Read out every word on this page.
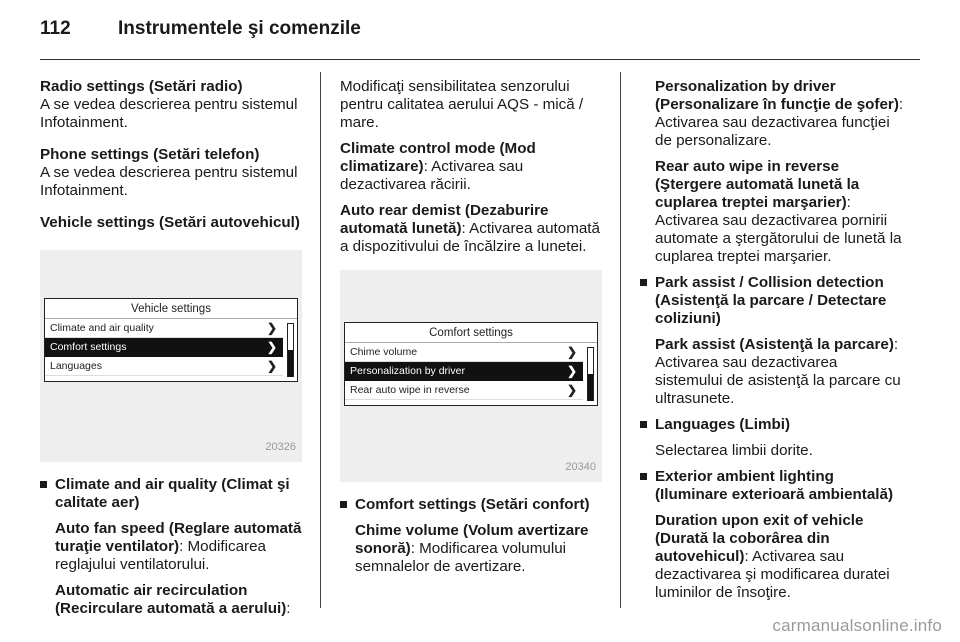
112 Instrumentele şi comenzile
Radio settings (Setări radio)
A se vedea descrierea pentru sistemul Infotainment.
Phone settings (Setări telefon)
A se vedea descrierea pentru sistemul Infotainment.
Vehicle settings (Setări autovehicul)
Vehicle settings
Climate and air quality	❯
Comfort settings	❯
Languages	❯
20326
Climate and air quality (Climat şi calitate aer)
Auto fan speed (Reglare automată turaţie ventilator): Modificarea reglajului ventilatorului.
Automatic air recirculation (Recirculare automată a aerului):
Modificaţi sensibilitatea senzorului pentru calitatea aerului AQS - mică / mare.
Climate control mode (Mod climatizare): Activarea sau dezactivarea răcirii.
Auto rear demist (Dezaburire automată lunetă): Activarea automată a dispozitivului de încălzire a lunetei.
Comfort settings
Chime volume	❯
Personalization by driver	❯
Rear auto wipe in reverse	❯
20340
Comfort settings (Setări confort)
Chime volume (Volum avertizare sonoră): Modificarea volumului semnalelor de avertizare.
Personalization by driver (Personalizare în funcţie de şofer): Activarea sau dezactivarea funcţiei de personalizare.
Rear auto wipe in reverse (Ştergere automată lunetă la cuplarea treptei marşarier): Activarea sau dezactivarea pornirii automate a ştergătorului de lunetă la cuplarea treptei marşarier.
Park assist / Collision detection (Asistenţă la parcare / Detectare coliziuni)
Park assist (Asistenţă la parcare): Activarea sau dezactivarea sistemului de asistenţă la parcare cu ultrasunete.
Languages (Limbi)
Selectarea limbii dorite.
Exterior ambient lighting (Iluminare exterioară ambientală)
Duration upon exit of vehicle (Durată la coborârea din autovehicul): Activarea sau dezactivarea şi modificarea duratei luminilor de însoţire.
carmanualsonline.info
